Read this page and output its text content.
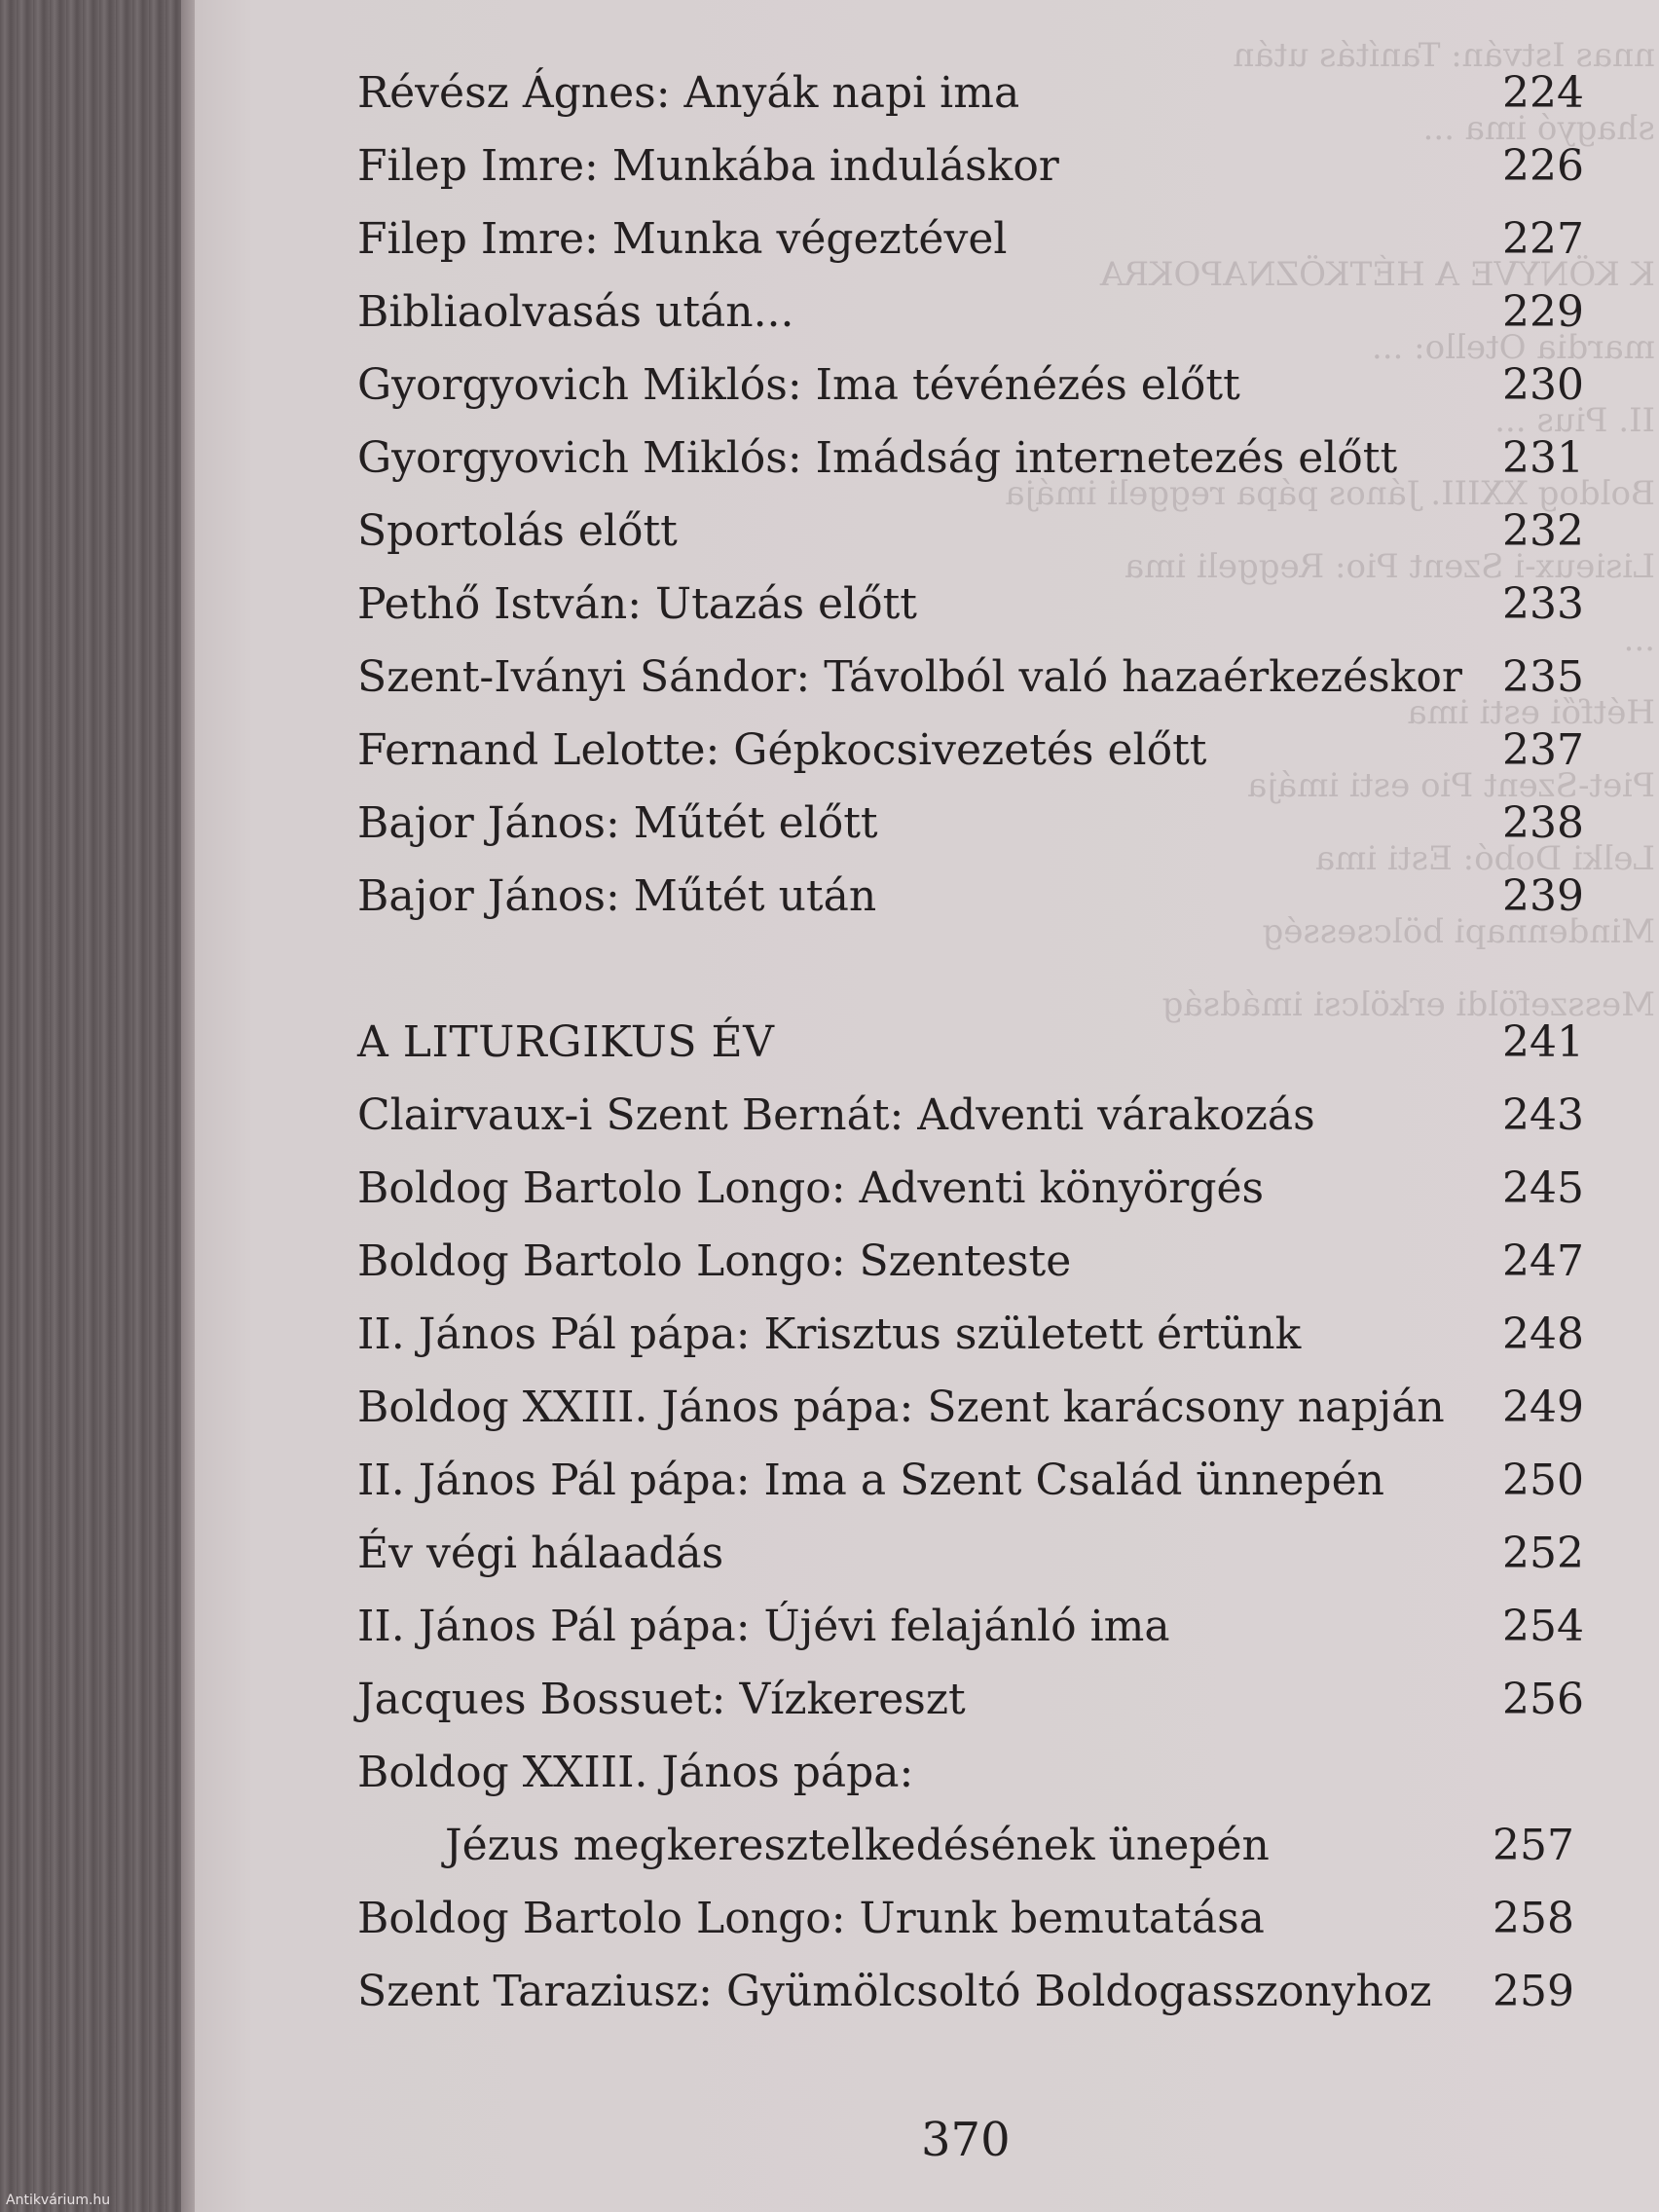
nnas István: Tanítás után
shagyó ima ...
K KÖNYVE A HÉTKÖZNAPOKRA
mardia Otello: ...
II. Pius ...
Boldog XXIII. János pápa reggeli imája
Lisieux-i Szent Pio: Reggeli ima
...
Hétfői esti ima
Piet-Szent Pio esti imája
Lelki Dobó: Esti ima
Mindennapi bölcsesség
Messzeföldi erkölcsi imádság
Révész Ágnes: Anyák napi ima	224
Filep Imre: Munkába induláskor	226
Filep Imre: Munka végeztével	227
Bibliaolvasás után...	229
Gyorgyovich Miklós: Ima tévénézés előtt	230
Gyorgyovich Miklós: Imádság internetezés előtt 231
Sportolás előtt	232
Pethő István: Utazás előtt	233
Szent-Iványi Sándor: Távolból való hazaérkezéskor 235
Fernand Lelotte: Gépkocsivezetés előtt	237
Bajor János: Műtét előtt	238
Bajor János: Műtét után	239
A LITURGIKUS ÉV	241
Clairvaux-i Szent Bernát: Adventi várakozás	243
Boldog Bartolo Longo: Adventi könyörgés	245
Boldog Bartolo Longo: Szenteste	247
II. János Pál pápa: Krisztus született értünk	248
Boldog XXIII. János pápa: Szent karácsony napján 249
II. János Pál pápa: Ima a Szent Család ünnepén	250
Év végi hálaadás	252
II. János Pál pápa: Újévi felajánló ima	254
Jacques Bossuet: Vízkereszt	256
Boldog XXIII. János pápa:
Jézus megkeresztelkedésének ünepén	257
Boldog Bartolo Longo: Urunk bemutatása	258
Szent Taraziusz: Gyümölcsoltó Boldogasszonyhoz 259
370
Antikvárium.hu
